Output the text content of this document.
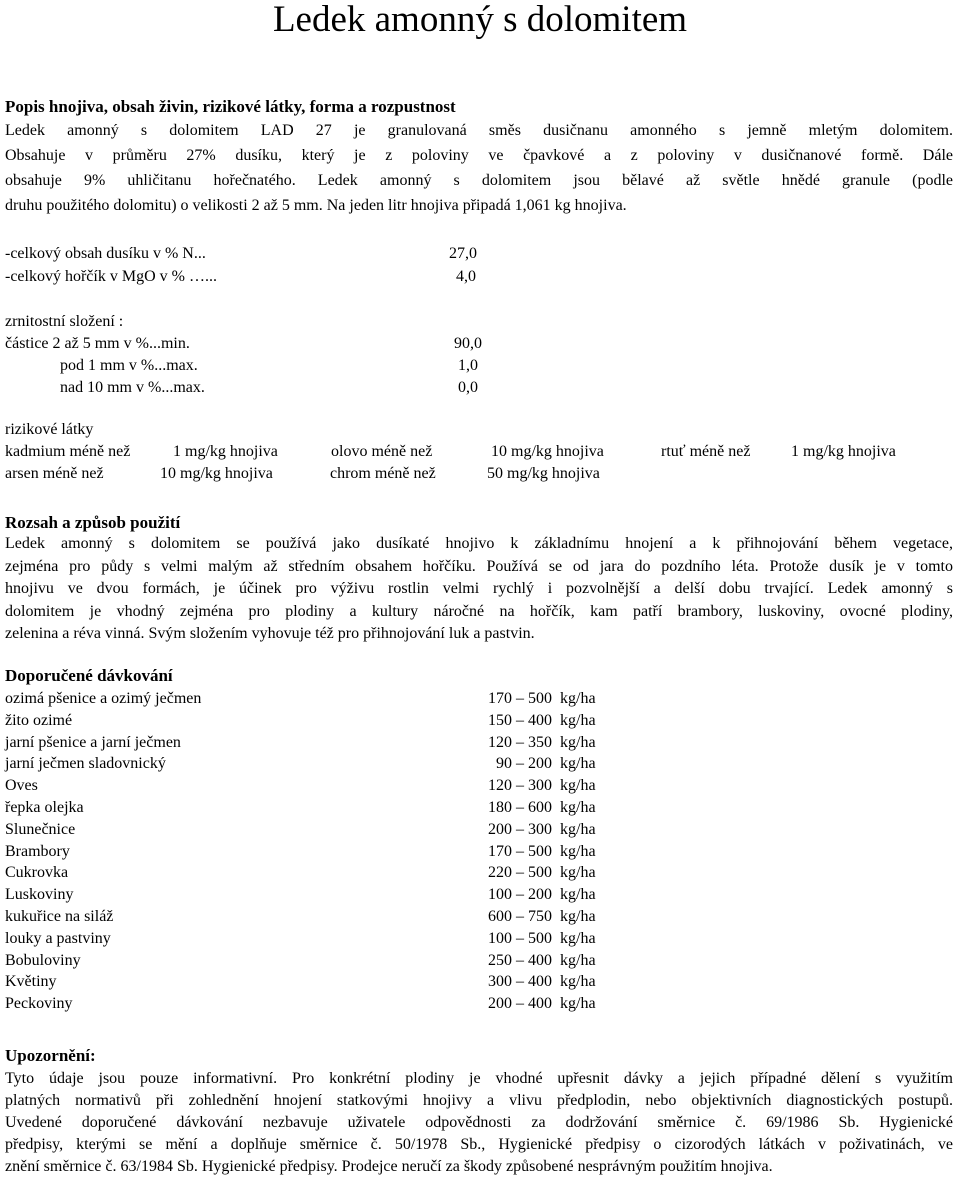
Ledek amonný s dolomitem
Popis hnojiva, obsah živin, rizikové látky, forma a rozpustnost
Ledek amonný s dolomitem LAD 27 je granulovaná směs dusičnanu amonného s jemně mletým dolomitem.
Obsahuje v průměru 27% dusíku, který je z poloviny ve čpavkové a z poloviny v dusičnanové formě. Dále
obsahuje 9% uhličitanu hořečnatého. Ledek amonný s dolomitem jsou bělavé až světle hnědé granule (podle
druhu použitého dolomitu) o velikosti 2 až 5 mm. Na jeden litr hnojiva připadá 1,061 kg hnojiva.
-celkový obsah dusíku v % N...	27,0
-celkový hořčík v MgO v % …...	4,0
zrnitostní složení :
částice 2 až 5 mm v %...min.	90,0
pod 1 mm v %...max.	1,0
nad 10 mm v %...max.	0,0
rizikové látky
kadmium méně než	1 mg/kg hnojiva	olovo méně než	10 mg/kg hnojiva	rtuť méně než	1 mg/kg hnojiva
arsen méně než	10 mg/kg hnojiva	chrom méně než	50 mg/kg hnojiva
Rozsah a způsob použití
Ledek amonný s dolomitem se používá jako dusíkaté hnojivo k základnímu hnojení a k přihnojování během vegetace,
zejména pro půdy s velmi malým až středním obsahem hořčíku. Používá se od jara do pozdního léta. Protože dusík je v tomto
hnojivu ve dvou formách, je účinek pro výživu rostlin velmi rychlý i pozvolnější a delší dobu trvající. Ledek amonný s
dolomitem je vhodný zejména pro plodiny a kultury náročné na hořčík, kam patří brambory, luskoviny, ovocné plodiny,
zelenina a réva vinná. Svým složením vyhovuje též pro přihnojování luk a pastvin.
Doporučené dávkování
ozimá pšenice a ozimý ječmen	170 – 500  kg/ha
žito ozimé	150 – 400  kg/ha
jarní pšenice a jarní ječmen	120 – 350  kg/ha
jarní ječmen sladovnický	90 – 200  kg/ha
Oves	120 – 300  kg/ha
řepka olejka	180 – 600  kg/ha
Slunečnice	200 – 300  kg/ha
Brambory	170 – 500  kg/ha
Cukrovka	220 – 500  kg/ha
Luskoviny	100 – 200  kg/ha
kukuřice na siláž	600 – 750  kg/ha
louky a pastviny	100 – 500  kg/ha
Bobuloviny	250 – 400  kg/ha
Květiny	300 – 400  kg/ha
Peckoviny	200 – 400  kg/ha
Upozornění:
Tyto údaje jsou pouze informativní. Pro konkrétní plodiny je vhodné upřesnit dávky a jejich případné dělení s využitím
platných normativů při zohlednění hnojení statkovými hnojivy a vlivu předplodin, nebo objektivních diagnostických postupů.
Uvedené doporučené dávkování nezbavuje uživatele odpovědnosti za dodržování směrnice č. 69/1986 Sb. Hygienické
předpisy, kterými se mění a doplňuje směrnice č. 50/1978 Sb., Hygienické předpisy o cizorodých látkách v poživatinách, ve
znění směrnice č. 63/1984 Sb. Hygienické předpisy. Prodejce neručí za škody způsobené nesprávným použitím hnojiva.
